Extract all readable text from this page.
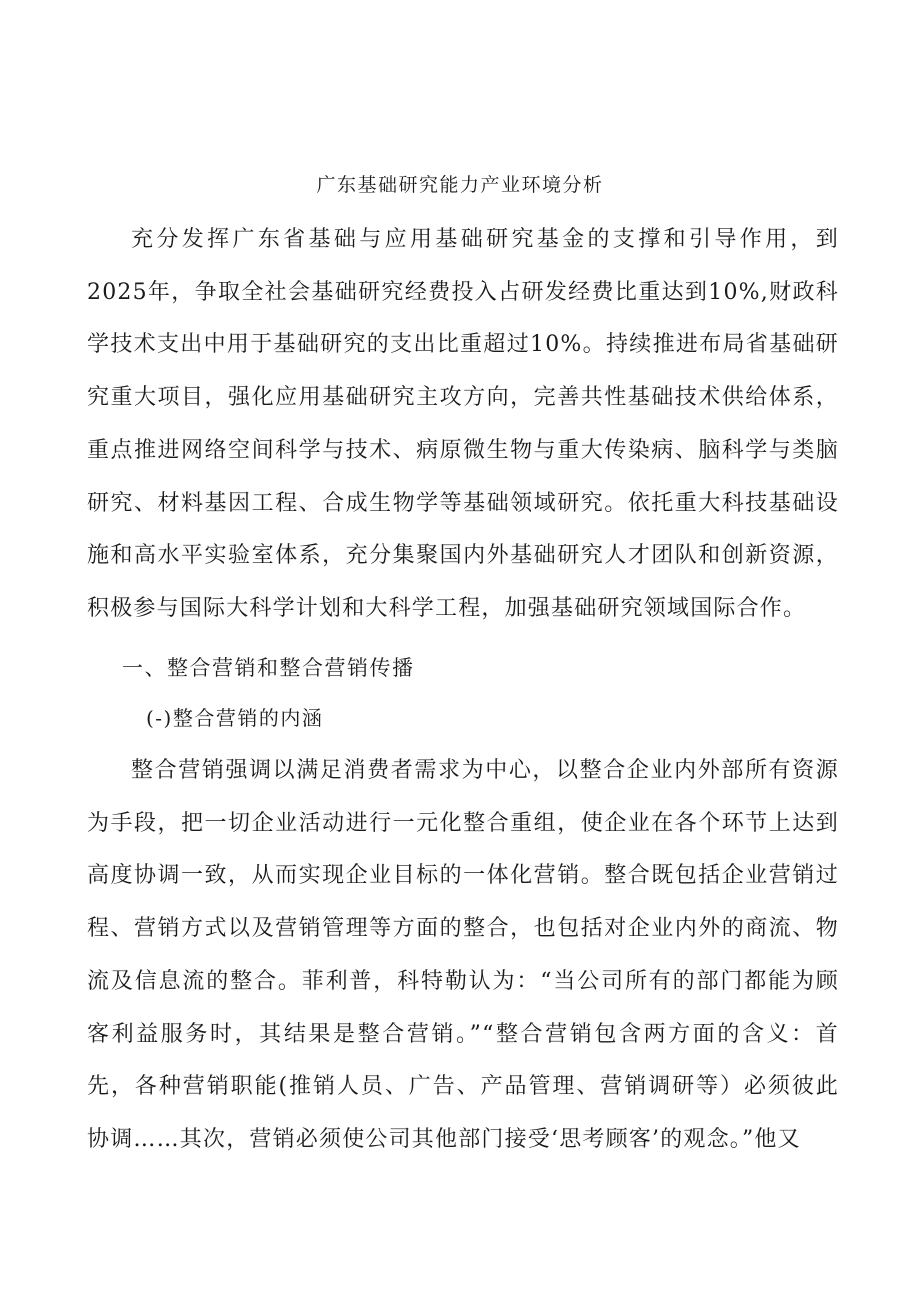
广东基础研究能力产业环境分析

充分发挥广东省基础与应用基础研究基金的支撑和引导作用，到2025年，争取全社会基础研究经费投入占研发经费比重达到10%,财政科学技术支出中用于基础研究的支出比重超过10%。持续推进布局省基础研究重大项目，强化应用基础研究主攻方向，完善共性基础技术供给体系，重点推进网络空间科学与技术、病原微生物与重大传染病、脑科学与类脑研究、材料基因工程、合成生物学等基础领域研究。依托重大科技基础设施和高水平实验室体系，充分集聚国内外基础研究人才团队和创新资源，积极参与国际大科学计划和大科学工程，加强基础研究领域国际合作。

一、整合营销和整合营销传播
(-)整合营销的内涵

整合营销强调以满足消费者需求为中心，以整合企业内外部所有资源为手段，把一切企业活动进行一元化整合重组，使企业在各个环节上达到高度协调一致，从而实现企业目标的一体化营销。整合既包括企业营销过程、营销方式以及营销管理等方面的整合，也包括对企业内外的商流、物流及信息流的整合。菲利普，科特勒认为：“当公司所有的部门都能为顾客利益服务时，其结果是整合营销。”“整合营销包含两方面的含义：首先，各种营销职能(推销人员、广告、产品管理、营销调研等）必须彼此协调……其次，营销必须使公司其他部门接受‘思考顾客’的观念。”他又
